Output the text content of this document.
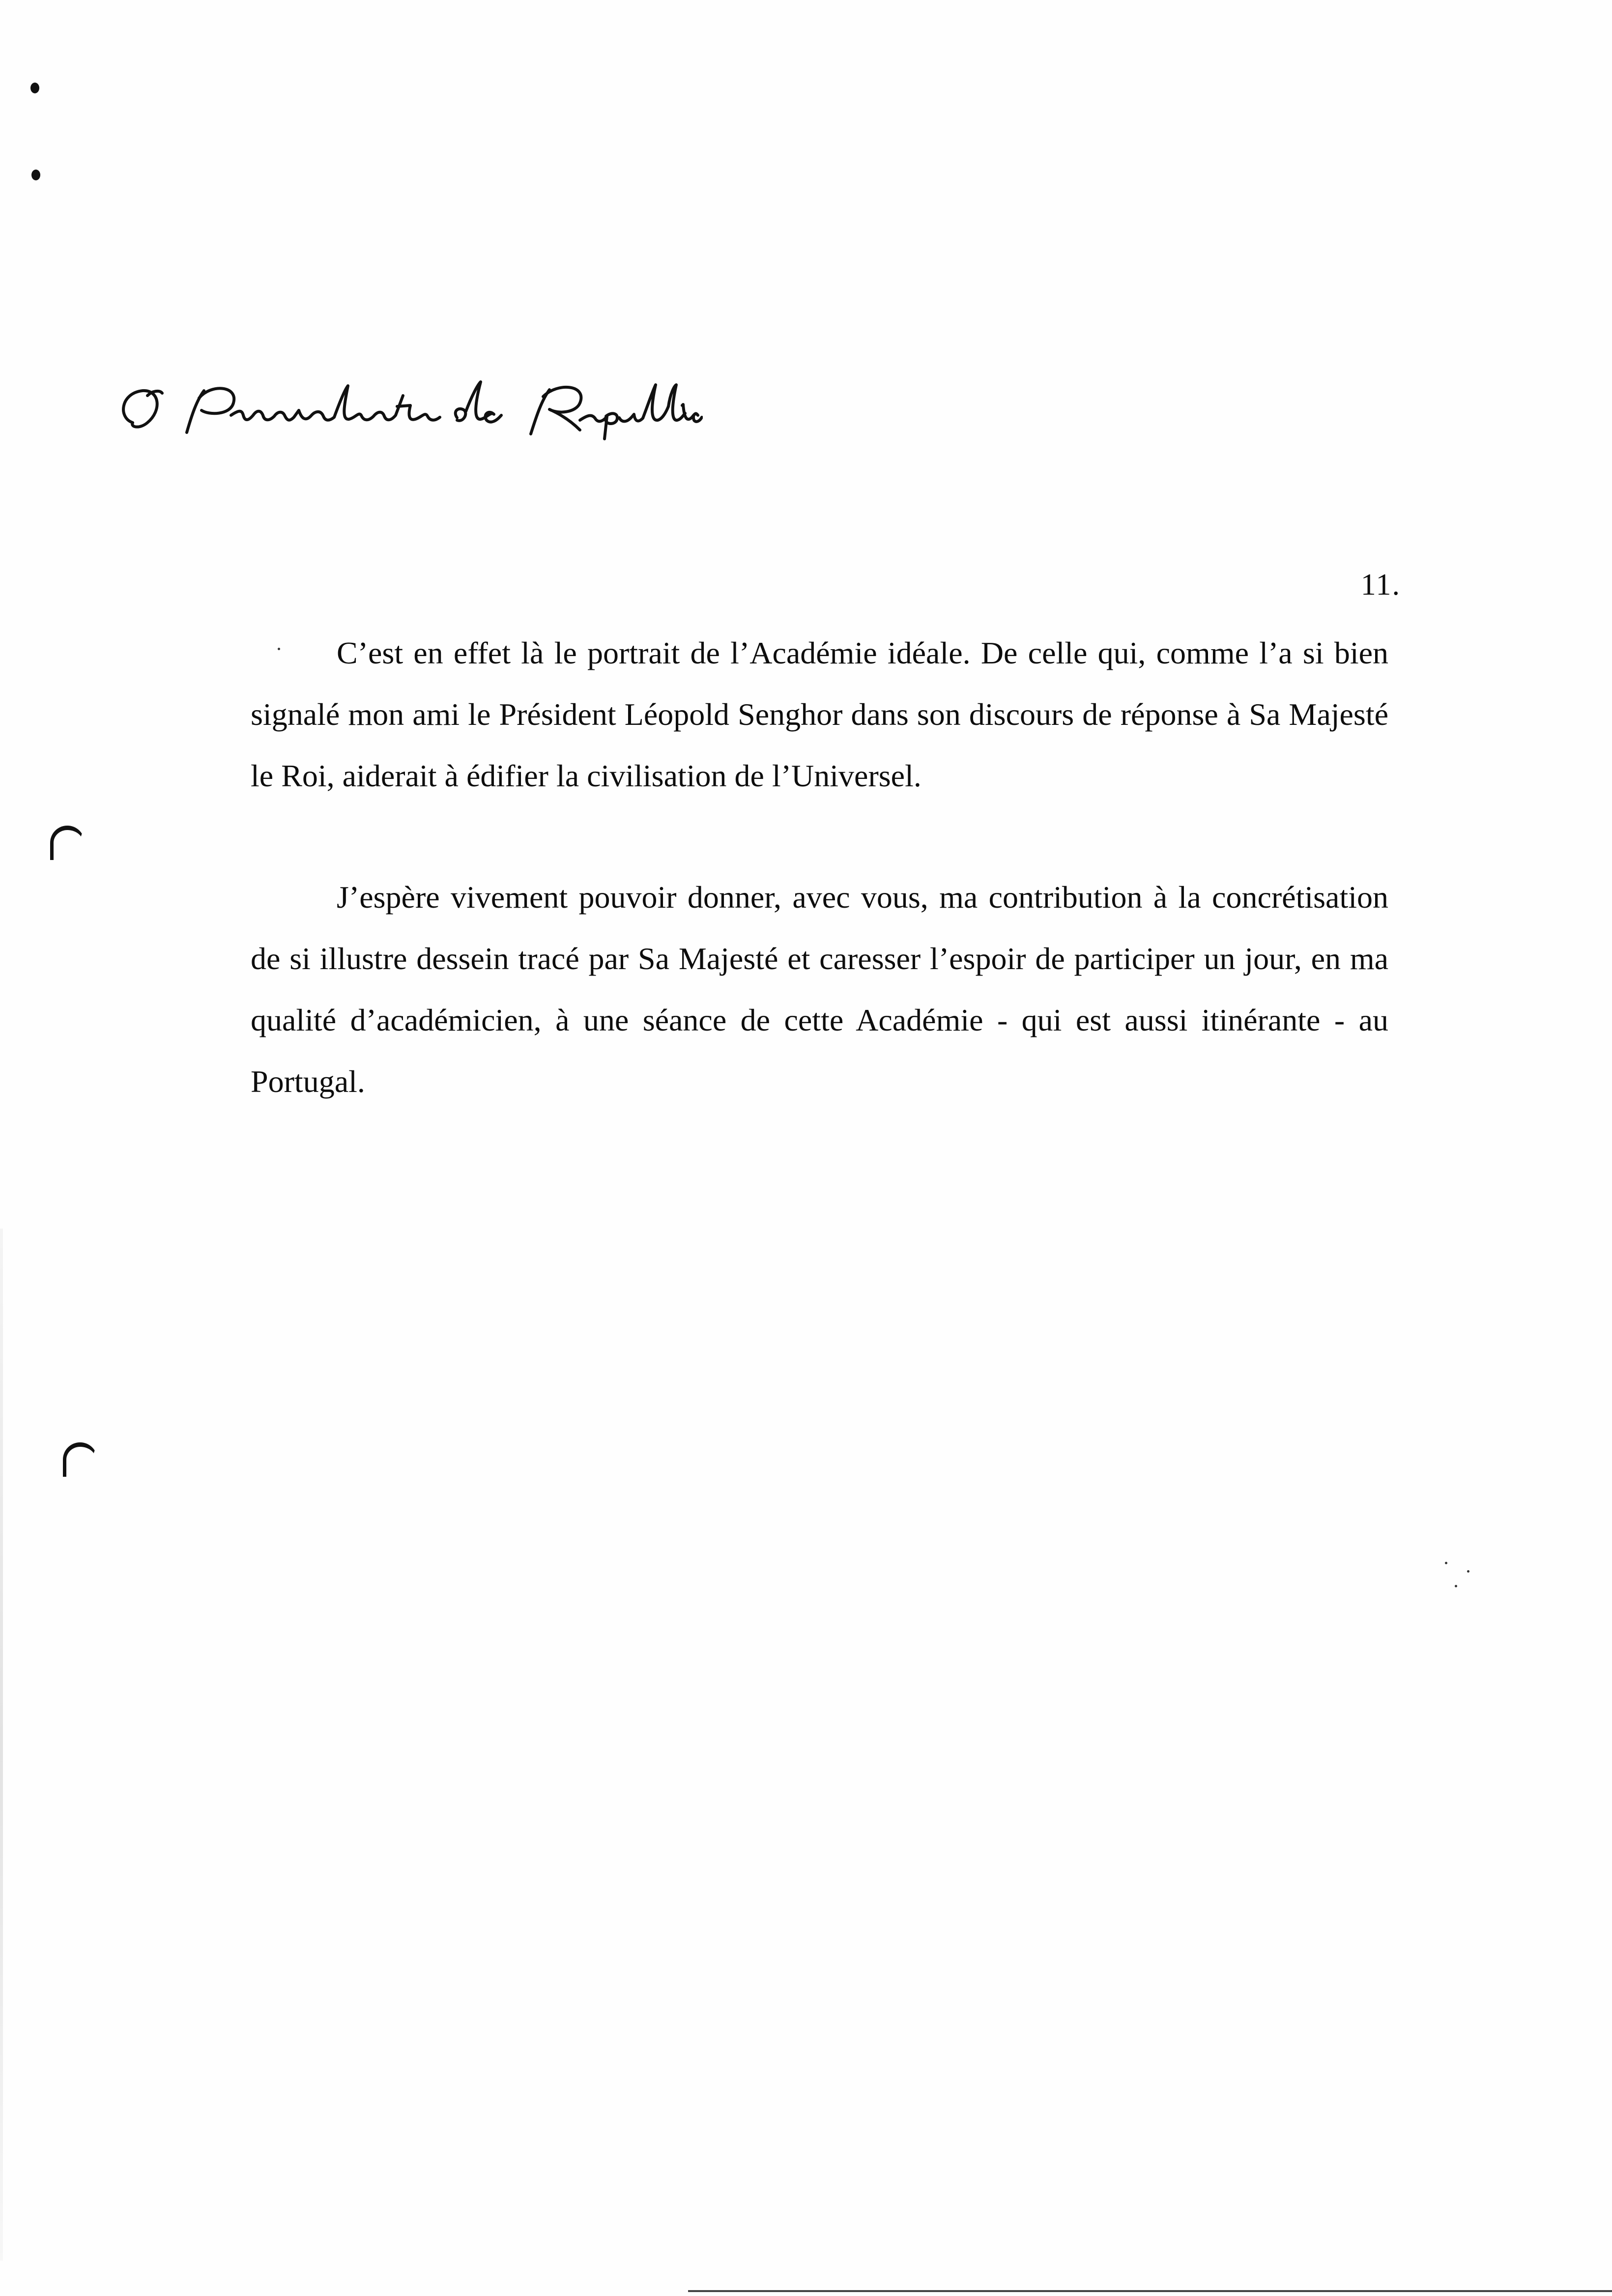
11.

C’est en effet là le portrait de l’Académie idéale. De celle qui, comme l’a si bien signalé mon ami le Président Léopold Senghor dans son discours de réponse à Sa Majesté le Roi, aiderait à édifier la civilisation de l’Universel.

J’espère vivement pouvoir donner, avec vous, ma contribution à la concrétisation de si illustre dessein tracé par Sa Majesté et caresser l’espoir de participer un jour, en ma qualité d’académicien, à une séance de cette Académie - qui est aussi itinérante - au Portugal.
